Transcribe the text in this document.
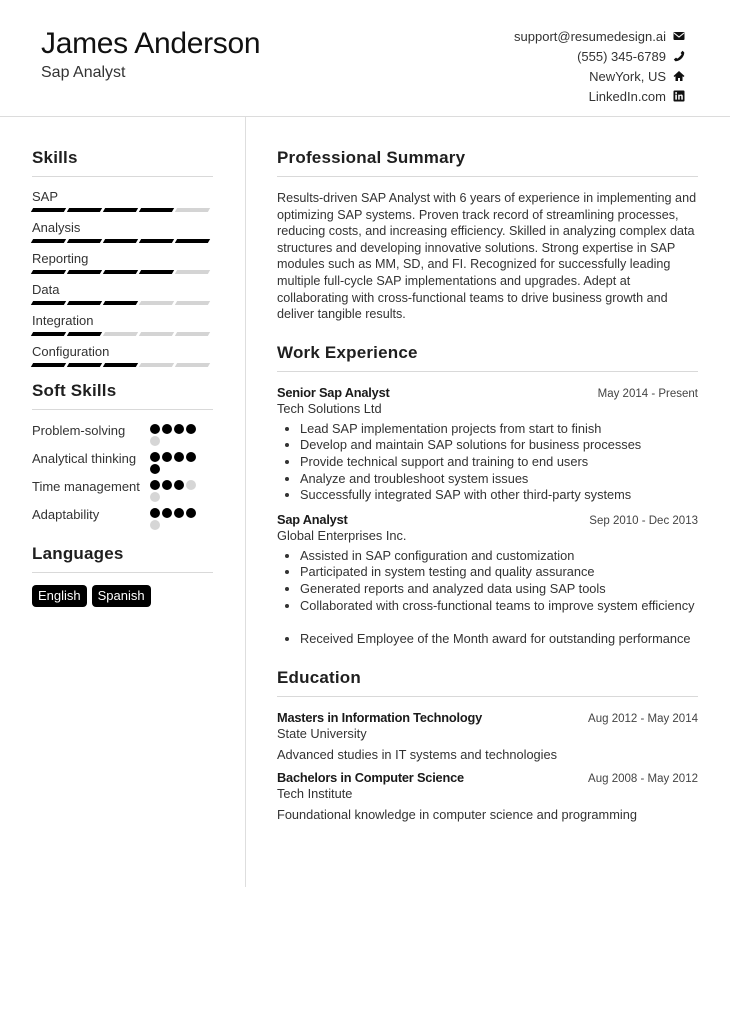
James Anderson
Sap Analyst
support@resumedesign.ai
(555) 345-6789
NewYork, US
LinkedIn.com
Skills
SAP
Analysis
Reporting
Data
Integration
Configuration
Soft Skills
Problem-solving
Analytical thinking
Time management
Adaptability
Languages
English	Spanish
Professional Summary

Results-driven SAP Analyst with 6 years of experience in implementing and optimizing SAP systems. Proven track record of streamlining processes, reducing costs, and increasing efficiency. Skilled in analyzing complex data structures and developing innovative solutions. Strong expertise in SAP modules such as MM, SD, and FI. Recognized for successfully leading multiple full-cycle SAP implementations and upgrades. Adept at collaborating with cross-functional teams to drive business growth and deliver tangible results.

Work Experience
Senior Sap Analyst	May 2014 - Present
Tech Solutions Ltd
• Lead SAP implementation projects from start to finish
• Develop and maintain SAP solutions for business processes
• Provide technical support and training to end users
• Analyze and troubleshoot system issues
• Successfully integrated SAP with other third-party systems
Sap Analyst	Sep 2010 - Dec 2013
Global Enterprises Inc.
• Assisted in SAP configuration and customization
• Participated in system testing and quality assurance
• Generated reports and analyzed data using SAP tools
• Collaborated with cross-functional teams to improve system efficiency
• Received Employee of the Month award for outstanding performance
Education
Masters in Information Technology	Aug 2012 - May 2014
State University
Advanced studies in IT systems and technologies
Bachelors in Computer Science	Aug 2008 - May 2012
Tech Institute
Foundational knowledge in computer science and programming
